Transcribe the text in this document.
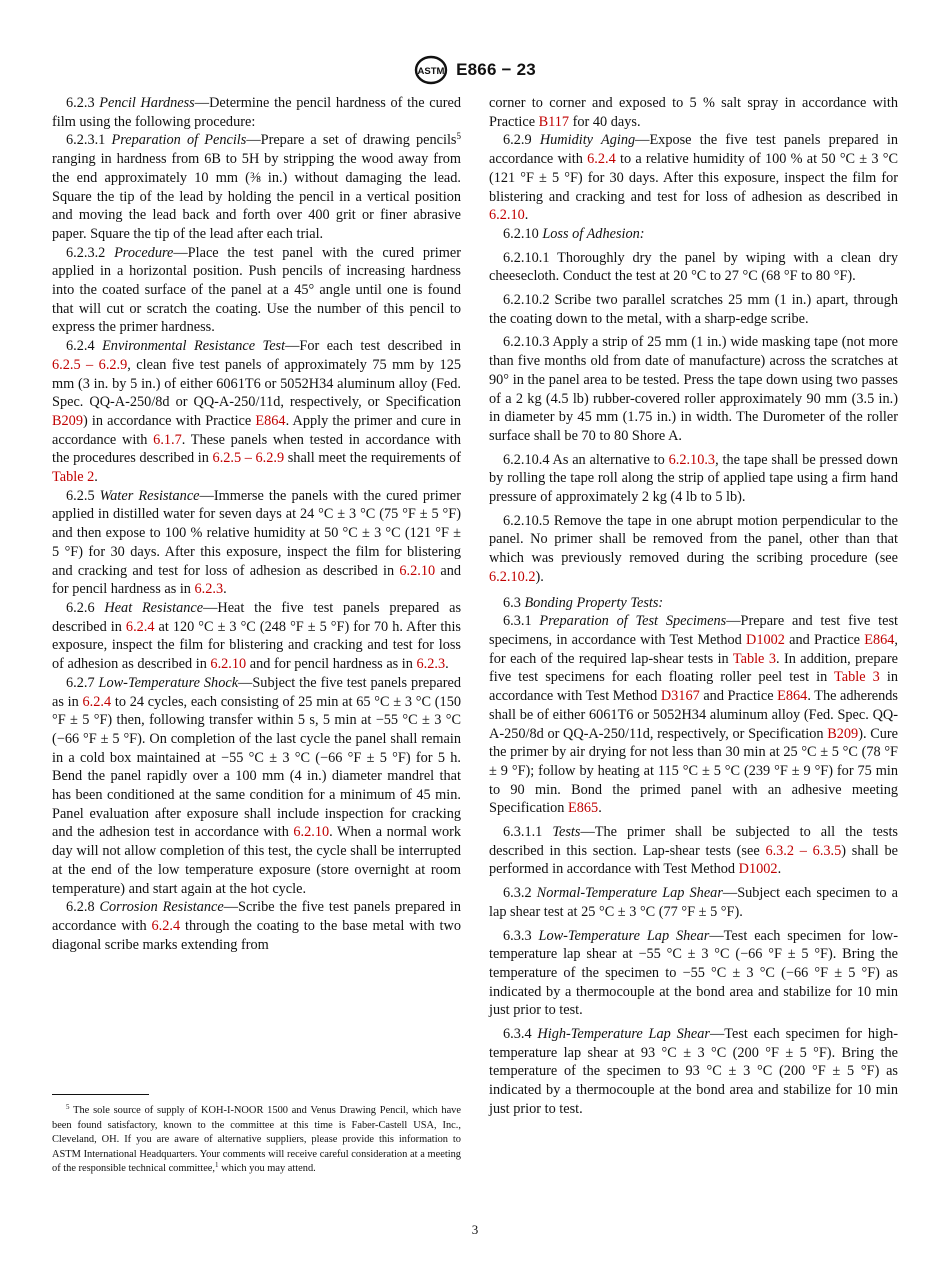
ASTM E866 − 23

6.2.3 Pencil Hardness—Determine the pencil hardness of the cured film using the following procedure:

6.2.3.1 Preparation of Pencils—Prepare a set of drawing pencils$^5$ ranging in hardness from 6B to 5H by stripping the wood away from the end approximately 10 mm (⅜ in.) without damaging the lead. Square the tip of the lead by holding the pencil in a vertical position and moving the lead back and forth over 400 grit or finer abrasive paper. Square the tip of the lead after each trial.

6.2.3.2 Procedure—Place the test panel with the cured primer applied in a horizontal position. Push pencils of increasing hardness into the coated surface of the panel at a 45° angle until one is found that will cut or scratch the coating. Use the number of this pencil to express the primer hardness.

6.2.4 Environmental Resistance Test—For each test described in 6.2.5 – 6.2.9, clean five test panels of approximately 75 mm by 125 mm (3 in. by 5 in.) of either 6061T6 or 5052H34 aluminum alloy (Fed. Spec. QQ-A-250/8d or QQ-A-250/11d, respectively, or Specification B209) in accordance with Practice E864. Apply the primer and cure in accordance with 6.1.7. These panels when tested in accordance with the procedures described in 6.2.5 – 6.2.9 shall meet the requirements of Table 2.

6.2.5 Water Resistance—Immerse the panels with the cured primer applied in distilled water for seven days at 24 °C ± 3 °C (75 °F ± 5 °F) and then expose to 100 % relative humidity at 50 °C ± 3 °C (121 °F ± 5 °F) for 30 days. After this exposure, inspect the film for blistering and cracking and test for loss of adhesion as described in 6.2.10 and for pencil hardness as in 6.2.3.

6.2.6 Heat Resistance—Heat the five test panels prepared as described in 6.2.4 at 120 °C ± 3 °C (248 °F ± 5 °F) for 70 h. After this exposure, inspect the film for blistering and cracking and test for loss of adhesion as described in 6.2.10 and for pencil hardness as in 6.2.3.

6.2.7 Low-Temperature Shock—Subject the five test panels prepared as in 6.2.4 to 24 cycles, each consisting of 25 min at 65 °C ± 3 °C (150 °F ± 5 °F) then, following transfer within 5 s, 5 min at −55 °C ± 3 °C (−66 °F ± 5 °F). On completion of the last cycle the panel shall remain in a cold box maintained at −55 °C ± 3 °C (−66 °F ± 5 °F) for 5 h. Bend the panel rapidly over a 100 mm (4 in.) diameter mandrel that has been conditioned at the same condition for a minimum of 45 min. Panel evaluation after exposure shall include inspection for cracking and the adhesion test in accordance with 6.2.10. When a normal work day will not allow completion of this test, the cycle shall be interrupted at the end of the low temperature exposure (store overnight at room temperature) and start again at the hot cycle.

6.2.8 Corrosion Resistance—Scribe the five test panels prepared in accordance with 6.2.4 through the coating to the base metal with two diagonal scribe marks extending from

corner to corner and exposed to 5 % salt spray in accordance with Practice B117 for 40 days.

6.2.9 Humidity Aging—Expose the five test panels prepared in accordance with 6.2.4 to a relative humidity of 100 % at 50 °C ± 3 °C (121 °F ± 5 °F) for 30 days. After this exposure, inspect the film for blistering and cracking and test for loss of adhesion as described in 6.2.10.

6.2.10 Loss of Adhesion:

6.2.10.1 Thoroughly dry the panel by wiping with a clean dry cheesecloth. Conduct the test at 20 °C to 27 °C (68 °F to 80 °F).

6.2.10.2 Scribe two parallel scratches 25 mm (1 in.) apart, through the coating down to the metal, with a sharp-edge scribe.

6.2.10.3 Apply a strip of 25 mm (1 in.) wide masking tape (not more than five months old from date of manufacture) across the scratches at 90° in the panel area to be tested. Press the tape down using two passes of a 2 kg (4.5 lb) rubber-covered roller approximately 90 mm (3.5 in.) in diameter by 45 mm (1.75 in.) in width. The Durometer of the roller surface shall be 70 to 80 Shore A.

6.2.10.4 As an alternative to 6.2.10.3, the tape shall be pressed down by rolling the tape roll along the strip of applied tape using a firm hand pressure of approximately 2 kg (4 lb to 5 lb).

6.2.10.5 Remove the tape in one abrupt motion perpendicular to the panel. No primer shall be removed from the panel, other than that which was previously removed during the scribing procedure (see 6.2.10.2).

6.3 Bonding Property Tests:

6.3.1 Preparation of Test Specimens—Prepare and test five test specimens, in accordance with Test Method D1002 and Practice E864, for each of the required lap-shear tests in Table 3. In addition, prepare five test specimens for each floating roller peel test in Table 3 in accordance with Test Method D3167 and Practice E864. The adherends shall be of either 6061T6 or 5052H34 aluminum alloy (Fed. Spec. QQ-A-250/8d or QQ-A-250/11d, respectively, or Specification B209). Cure the primer by air drying for not less than 30 min at 25 °C ± 5 °C (78 °F ± 9 °F); follow by heating at 115 °C ± 5 °C (239 °F ± 9 °F) for 75 min to 90 min. Bond the primed panel with an adhesive meeting Specification E865.

6.3.1.1 Tests—The primer shall be subjected to all the tests described in this section. Lap-shear tests (see 6.3.2 – 6.3.5) shall be performed in accordance with Test Method D1002.

6.3.2 Normal-Temperature Lap Shear—Subject each specimen to a lap shear test at 25 °C ± 3 °C (77 °F ± 5 °F).

6.3.3 Low-Temperature Lap Shear—Test each specimen for low-temperature lap shear at −55 °C ± 3 °C (−66 °F ± 5 °F). Bring the temperature of the specimen to −55 °C ± 3 °C (−66 °F ± 5 °F) as indicated by a thermocouple at the bond area and stabilize for 10 min just prior to test.

6.3.4 High-Temperature Lap Shear—Test each specimen for high-temperature lap shear at 93 °C ± 3 °C (200 °F ± 5 °F). Bring the temperature of the specimen to 93 °C ± 3 °C (200 °F ± 5 °F) as indicated by a thermocouple at the bond area and stabilize for 10 min just prior to test.

$^5$ The sole source of supply of KOH-I-NOOR 1500 and Venus Drawing Pencil, which have been found satisfactory, known to the committee at this time is Faber-Castell USA, Inc., Cleveland, OH. If you are aware of alternative suppliers, please provide this information to ASTM International Headquarters. Your comments will receive careful consideration at a meeting of the responsible technical committee,$^1$ which you may attend.

3
